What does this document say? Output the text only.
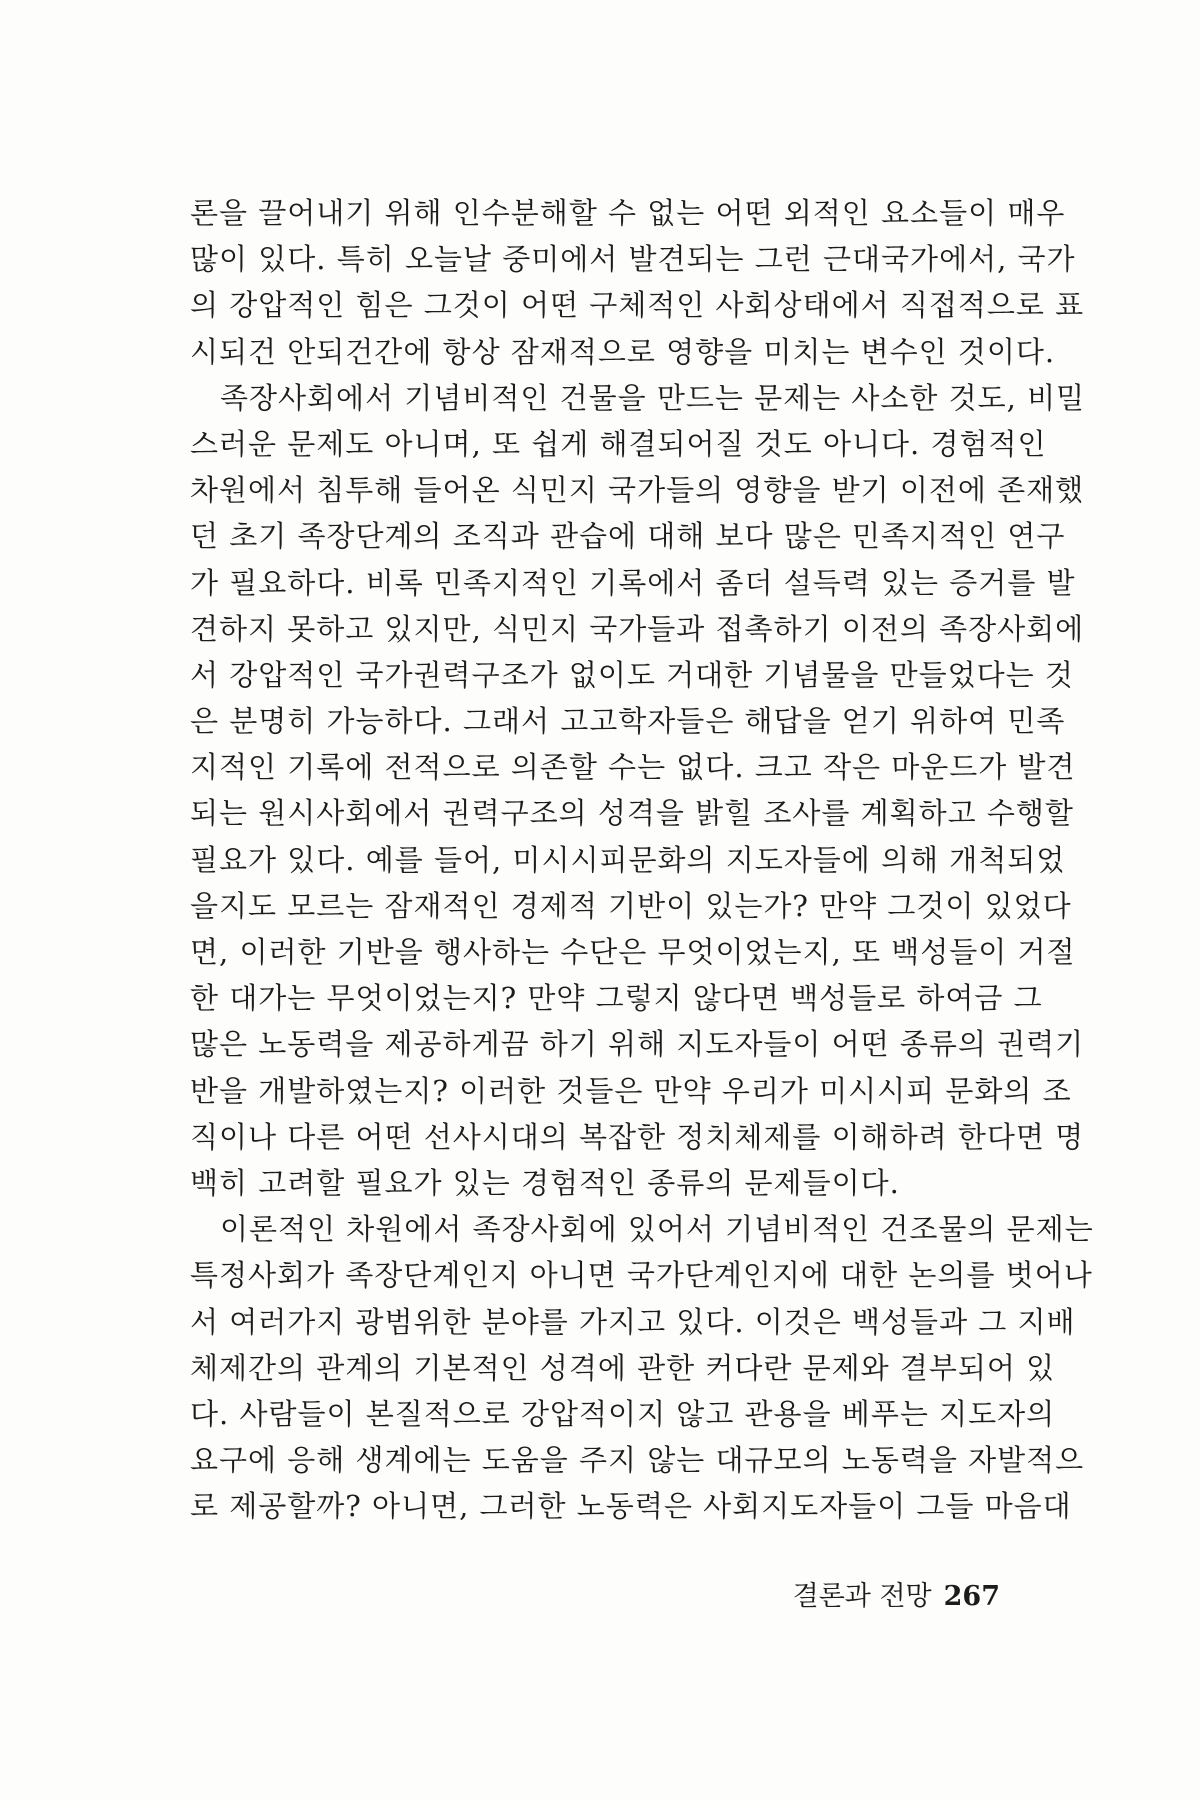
론을 끌어내기 위해 인수분해할 수 없는 어떤 외적인 요소들이 매우
많이 있다. 특히 오늘날 중미에서 발견되는 그런 근대국가에서, 국가
의 강압적인 힘은 그것이 어떤 구체적인 사회상태에서 직접적으로 표
시되건 안되건간에 항상 잠재적으로 영향을 미치는 변수인 것이다.
족장사회에서 기념비적인 건물을 만드는 문제는 사소한 것도, 비밀
스러운 문제도 아니며, 또 쉽게 해결되어질 것도 아니다. 경험적인
차원에서 침투해 들어온 식민지 국가들의 영향을 받기 이전에 존재했
던 초기 족장단계의 조직과 관습에 대해 보다 많은 민족지적인 연구
가 필요하다. 비록 민족지적인 기록에서 좀더 설득력 있는 증거를 발
견하지 못하고 있지만, 식민지 국가들과 접촉하기 이전의 족장사회에
서 강압적인 국가권력구조가 없이도 거대한 기념물을 만들었다는 것
은 분명히 가능하다. 그래서 고고학자들은 해답을 얻기 위하여 민족
지적인 기록에 전적으로 의존할 수는 없다. 크고 작은 마운드가 발견
되는 원시사회에서 권력구조의 성격을 밝힐 조사를 계획하고 수행할
필요가 있다. 예를 들어, 미시시피문화의 지도자들에 의해 개척되었
을지도 모르는 잠재적인 경제적 기반이 있는가? 만약 그것이 있었다
면, 이러한 기반을 행사하는 수단은 무엇이었는지, 또 백성들이 거절
한 대가는 무엇이었는지? 만약 그렇지 않다면 백성들로 하여금 그
많은 노동력을 제공하게끔 하기 위해 지도자들이 어떤 종류의 권력기
반을 개발하였는지? 이러한 것들은 만약 우리가 미시시피 문화의 조
직이나 다른 어떤 선사시대의 복잡한 정치체제를 이해하려 한다면 명
백히 고려할 필요가 있는 경험적인 종류의 문제들이다.
이론적인 차원에서 족장사회에 있어서 기념비적인 건조물의 문제는
특정사회가 족장단계인지 아니면 국가단계인지에 대한 논의를 벗어나
서 여러가지 광범위한 분야를 가지고 있다. 이것은 백성들과 그 지배
체제간의 관계의 기본적인 성격에 관한 커다란 문제와 결부되어 있
다. 사람들이 본질적으로 강압적이지 않고 관용을 베푸는 지도자의
요구에 응해 생계에는 도움을 주지 않는 대규모의 노동력을 자발적으
로 제공할까? 아니면, 그러한 노동력은 사회지도자들이 그들 마음대
결론과 전망 267
